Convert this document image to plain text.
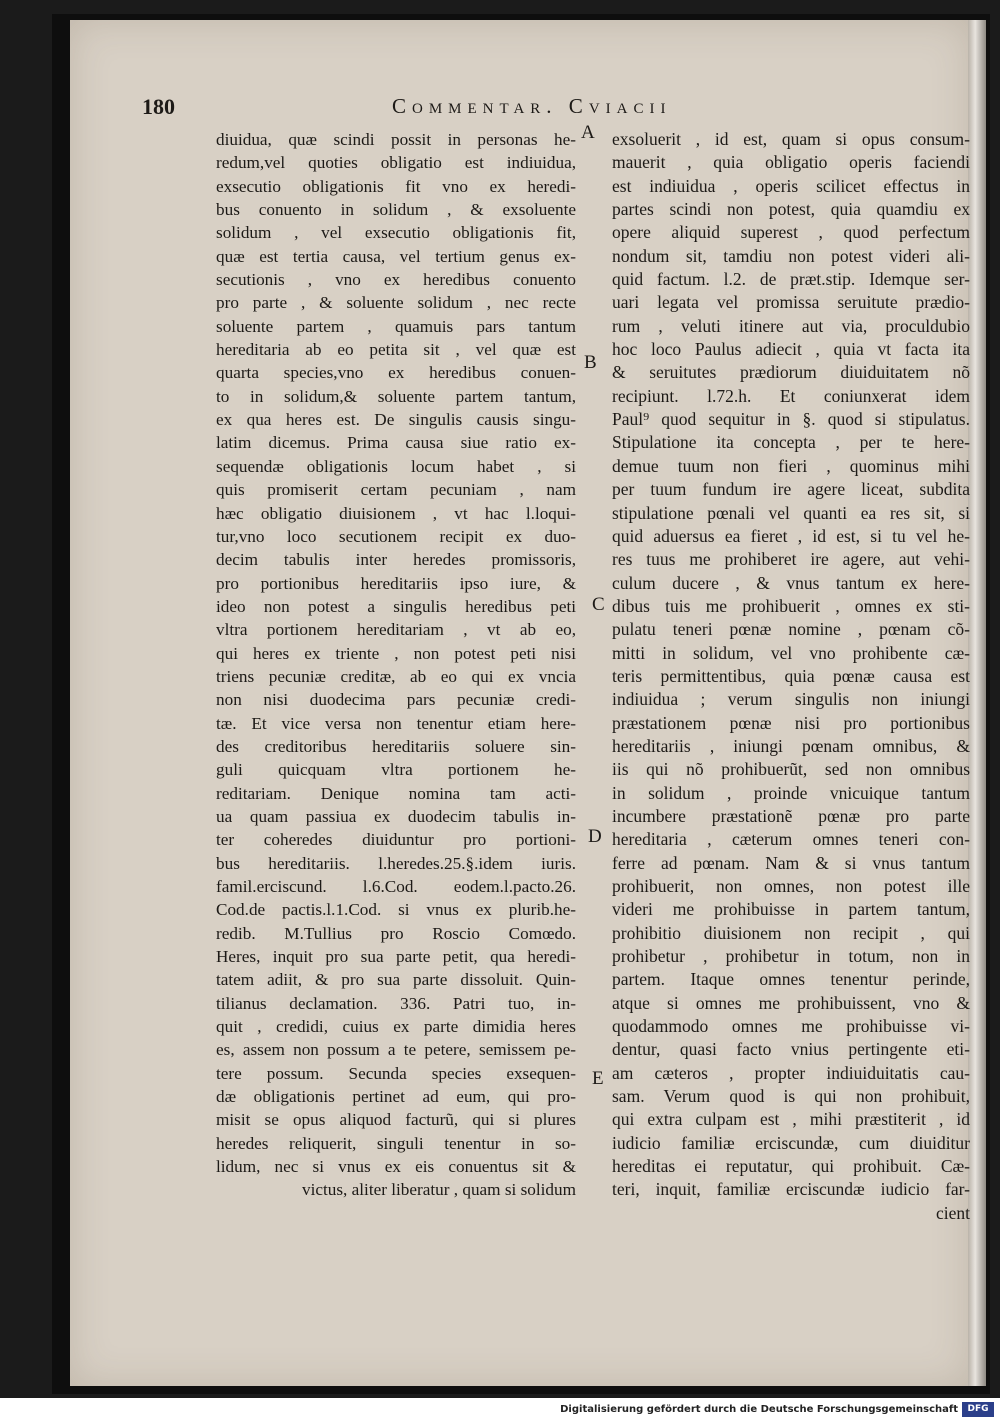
180	Commentar. Cviacii
diuidua, quæ scindi possit in personas he-
redum,vel quoties obligatio est indiuidua,
exsecutio obligationis fit vno ex heredi-
bus conuento in solidum , & exsoluente
solidum , vel exsecutio obligationis fit,
quæ est tertia causa, vel tertium genus ex-
secutionis , vno ex heredibus conuento
pro parte , & soluente solidum , nec recte
soluente partem , quamuis pars tantum
hereditaria ab eo petita sit , vel quæ est
quarta species,vno ex heredibus conuen-
to in solidum,& soluente partem tantum,
ex qua heres est. De singulis causis singu-
latim dicemus. Prima causa siue ratio ex-
sequendæ obligationis locum habet , si
quis promiserit certam pecuniam , nam
hæc obligatio diuisionem , vt hac l.loqui-
tur,vno loco secutionem recipit ex duo-
decim tabulis inter heredes promissoris,
pro portionibus hereditariis ipso iure, &
ideo non potest a singulis heredibus peti
vltra portionem hereditariam , vt ab eo,
qui heres ex triente , non potest peti nisi
triens pecuniæ creditæ, ab eo qui ex vncia
non nisi duodecima pars pecuniæ credi-
tæ. Et vice versa non tenentur etiam here-
des creditoribus hereditariis soluere sin-
guli quicquam vltra portionem he-
reditariam. Denique nomina tam acti-
ua quam passiua ex duodecim tabulis in-
ter coheredes diuiduntur pro portioni-
bus hereditariis. l.heredes.25.§.idem iuris.
famil.erciscund. l.6.Cod. eodem.l.pacto.26.
Cod.de pactis.l.1.Cod. si vnus ex plurib.he-
redib. M.Tullius pro Roscio Comœdo.
Heres, inquit pro sua parte petit, qua heredi-
tatem adiit, & pro sua parte dissoluit. Quin-
tilianus declamation. 336. Patri tuo, in-
quit , credidi, cuius ex parte dimidia heres
es, assem non possum a te petere, semissem pe-
tere possum. Secunda species exsequen-
dæ obligationis pertinet ad eum, qui pro-
misit se opus aliquod facturũ, qui si plures
heredes reliquerit, singuli tenentur in so-
lidum, nec si vnus ex eis conuentus sit &
victus, aliter liberatur , quam si solidum
exsoluerit , id est, quam si opus consum-
mauerit , quia obligatio operis faciendi
est indiuidua , operis scilicet effectus in
partes scindi non potest, quia quamdiu ex
opere aliquid superest , quod perfectum
nondum sit, tamdiu non potest videri ali-
quid factum. l.2. de præt.stip. Idemque ser-
uari legata vel promissa seruitute prædio-
rum , veluti itinere aut via, proculdubio
hoc loco Paulus adiecit , quia vt facta ita
& seruitutes prædiorum diuiduitatem nõ
recipiunt. l.72.h. Et coniunxerat idem
Paul⁹ quod sequitur in §. quod si stipulatus.
Stipulatione ita concepta , per te here-
demue tuum non fieri , quominus mihi
per tuum fundum ire agere liceat, subdita
stipulatione pœnali vel quanti ea res sit, si
quid aduersus ea fieret , id est, si tu vel he-
res tuus me prohiberet ire agere, aut vehi-
culum ducere , & vnus tantum ex here-
dibus tuis me prohibuerit , omnes ex sti-
pulatu teneri pœnæ nomine , pœnam cõ-
mitti in solidum, vel vno prohibente cæ-
teris permittentibus, quia pœnæ causa est
indiuidua ; verum singulis non iniungi
præstationem pœnæ nisi pro portionibus
hereditariis , iniungi pœnam omnibus, &
iis qui nõ prohibuerũt, sed non omnibus
in solidum , proinde vnicuique tantum
incumbere præstationẽ pœnæ pro parte
hereditaria , cæterum omnes teneri con-
ferre ad pœnam. Nam & si vnus tantum
prohibuerit, non omnes, non potest ille
videri me prohibuisse in partem tantum,
prohibitio diuisionem non recipit , qui
prohibetur , prohibetur in totum, non in
partem. Itaque omnes tenentur perinde,
atque si omnes me prohibuissent, vno &
quodammodo omnes me prohibuisse vi-
dentur, quasi facto vnius pertingente eti-
am cæteros , propter indiuiduitatis cau-
sam. Verum quod is qui non prohibuit,
qui extra culpam est , mihi præstiterit , id
iudicio familiæ erciscundæ, cum diuiditur
hereditas ei reputatur, qui prohibuit. Cæ-
teri, inquit, familiæ erciscundæ iudicio far-
cient
A
B
C
D
E
Digitalisierung gefördert durch die Deutsche Forschungsgemeinschaft	DFG
